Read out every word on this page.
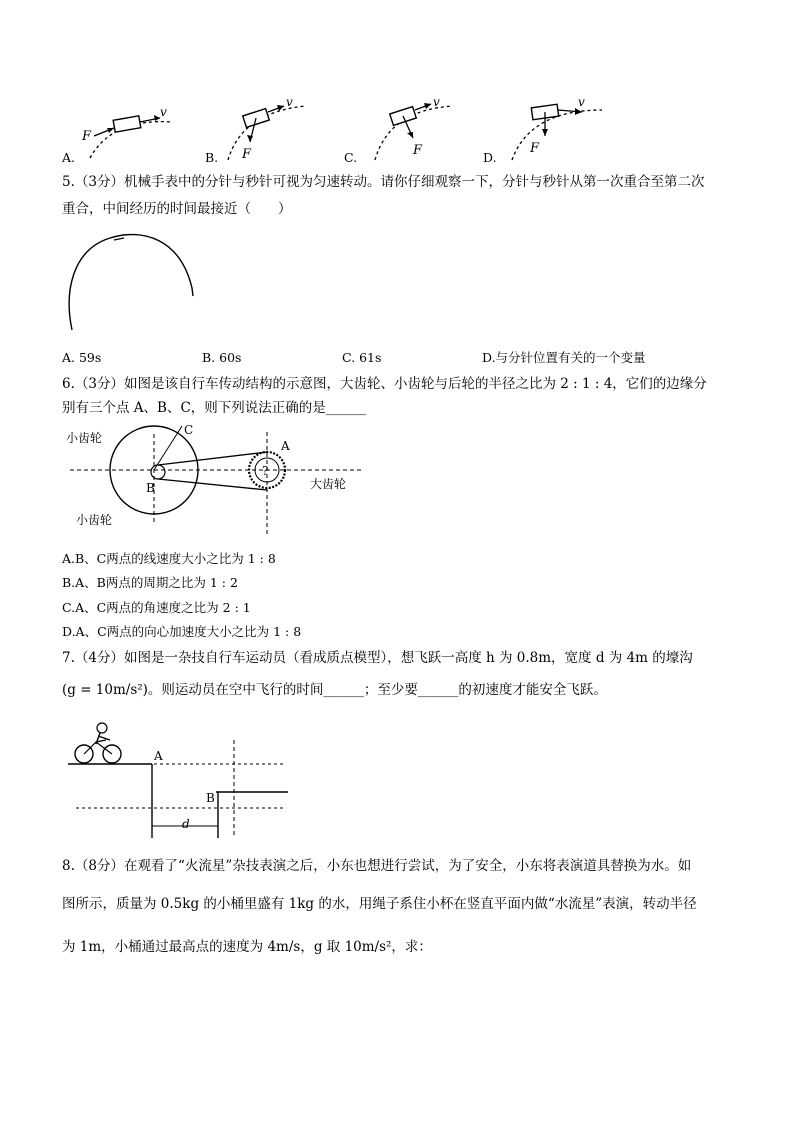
F
v
F
v
F
v
F
v
A.	B.	C.	D.
5.（3分）机械手表中的分针与秒针可视为匀速转动。请你仔细观察一下，分针与秒针从第一次重合至第二次
重合，中间经历的时间最接近（　　）
A. 59s	B. 60s	C. 61s	D.与分针位置有关的一个变量
6.（3分）如图是该自行车传动结构的示意图，大齿轮、小齿轮与后轮的半径之比为 2 : 1 : 4，它们的边缘分
别有三个点 A、B、C，则下列说法正确的是______
?
小齿轮
小齿轮
大齿轮
A
B
C
A.B、C两点的线速度大小之比为 1 : 8
B.A、B两点的周期之比为 1 : 2
C.A、C两点的角速度之比为 2 : 1
D.A、C两点的向心加速度大小之比为 1 : 8
7.（4分）如图是一杂技自行车运动员（看成质点模型），想飞跃一高度 h 为 0.8m，宽度 d 为 4m 的壕沟
(g = 10m/s²)。则运动员在空中飞行的时间______；至少要______的初速度才能安全飞跃。
A
B
d
8.（8分）在观看了“火流星”杂技表演之后，小东也想进行尝试，为了安全，小东将表演道具替换为水。如
图所示，质量为 0.5kg 的小桶里盛有 1kg 的水，用绳子系住小杯在竖直平面内做“水流星”表演，转动半径
为 1m，小桶通过最高点的速度为 4m/s，g 取 10m/s²，求：
